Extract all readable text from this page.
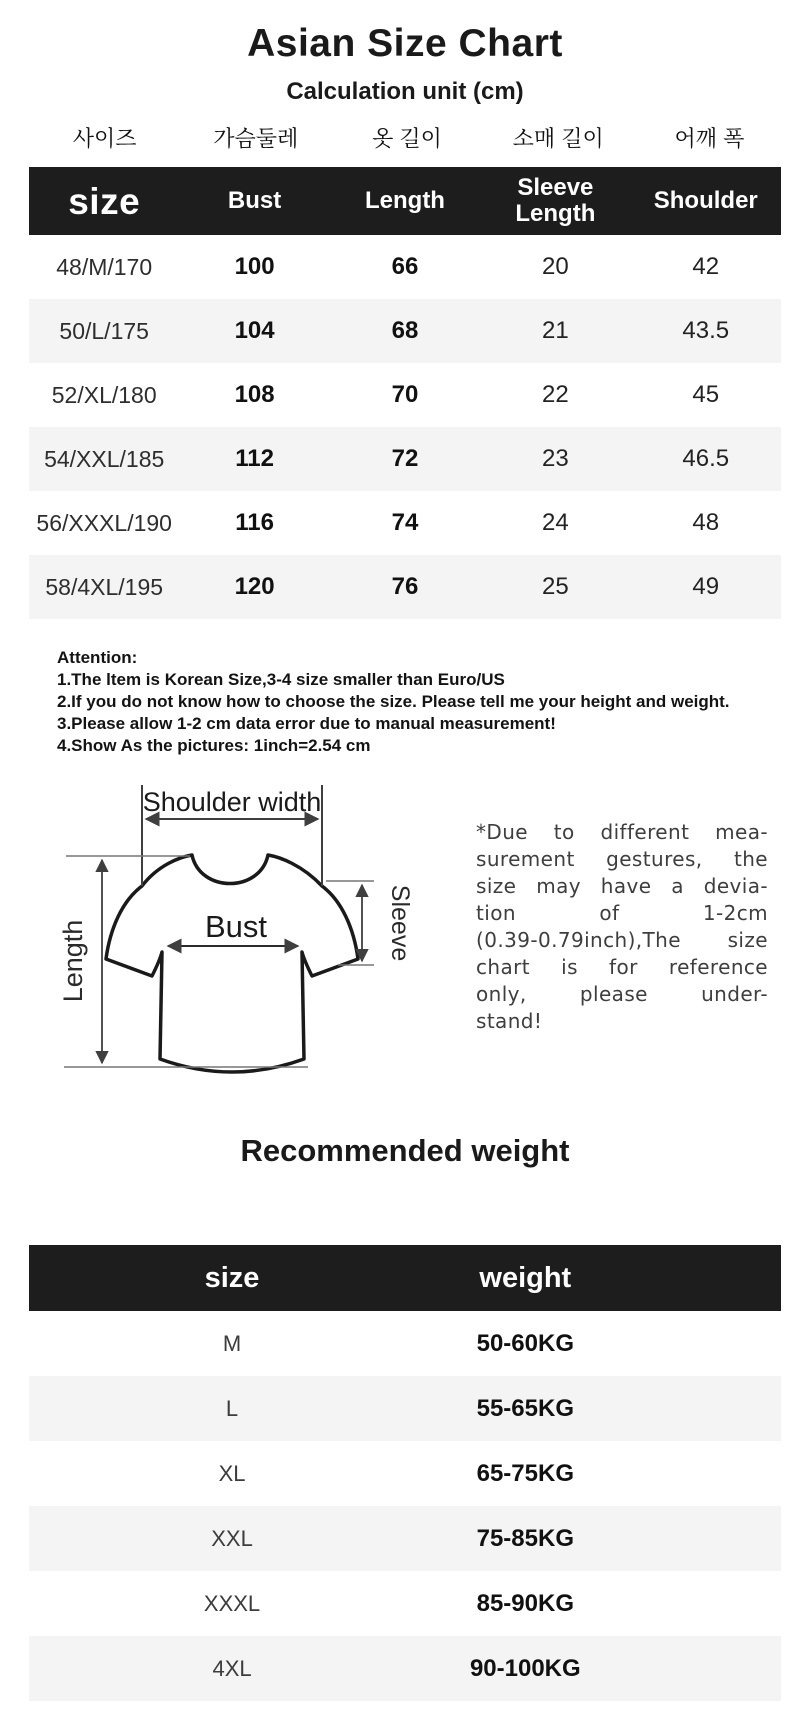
Asian Size Chart
Calculation unit (cm)
사이즈	가슴둘레	옷 길이	소매 길이	어깨 폭
size	Bust	Length	Sleeve Length	Shoulder
48/M/170	100	66	20	42
50/L/175	104	68	21	43.5
52/XL/180	108	70	22	45
54/XXL/185	112	72	23	46.5
56/XXXL/190	116	74	24	48
58/4XL/195	120	76	25	49
Attention:
1.The ltem is Korean Size,3-4 size smaller than Euro/US
2.If you do not know how to choose the size. Please tell me your height and weight.
3.Please allow 1-2 cm data error due to manual measurement!
4.Show As the pictures: 1inch=2.54 cm
Shoulder width
Length	Bust	Sleeve
*Due to different mea-
surement gestures, the
size may have a devia-
tion of 1-2cm
(0.39-0.79inch),The size
chart is for reference
only, please under-
stand!
Recommended weight
size	weight	
M	50-60KG	
L	55-65KG	
XL	65-75KG	
XXL	75-85KG	
XXXL	85-90KG	
4XL	90-100KG	
